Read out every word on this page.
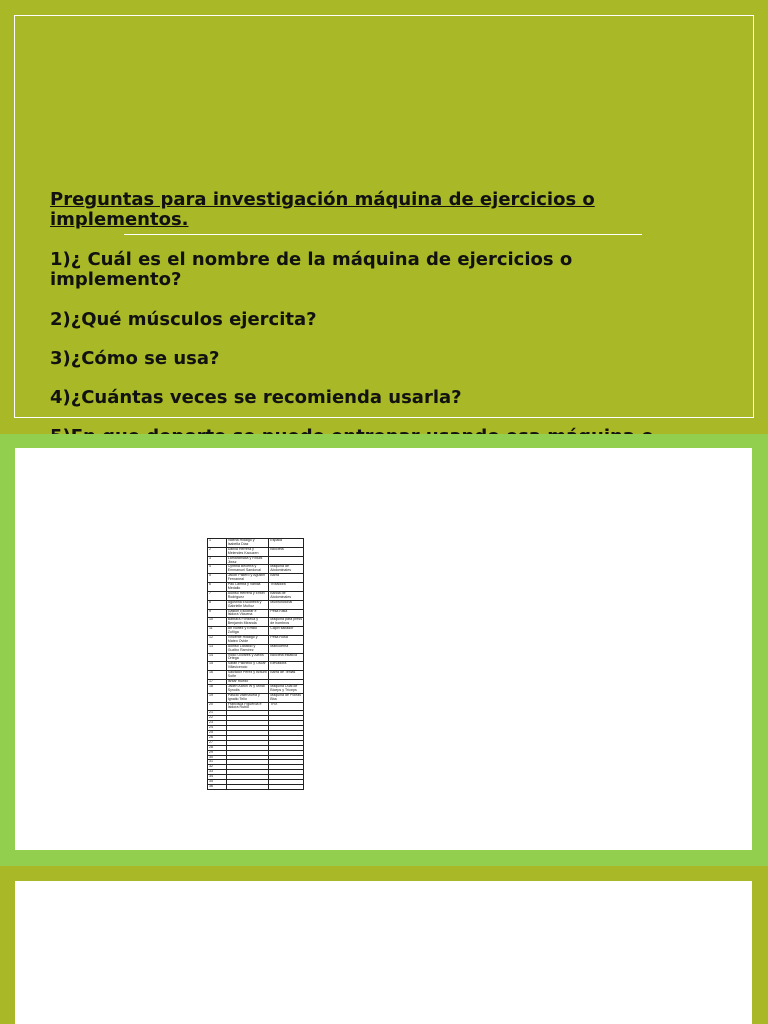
Preguntas para investigación máquina de ejercicios o implementos.
1)¿ Cuál es el nombre de la máquina de ejercicios o implemento?
2)¿Qué músculos ejercita?
3)¿Cómo se usa?
4)¿Cuántas veces se recomienda usarla?
1	Valeria Hidalgo y Isabella Díaz	Espalia
2	Dahlia Herrera y Melendes Kaouzen	Bicicleta
3	Lamarathalia y Rhiuis Jiwsz	
4	Cynthia Becerra y Emmanuel Sandoval	Máquina de Abdominales
5	Jacob Pallero y Agustin Fernaneal	Barra
6	Pau Lamba y Vanilla Medallo	Trotadora
7	Alonso Herrera y Erwin Rodriguez	Banda de Abdominales
8	Agustina Escobeira y Gabrielle Muñoz	Multifuncional
9	Gaston Escobar e Isidora Vicuena	Pesa rusia
10	Barbara Fonseca y Benjamin Miranda	Máquina para press de hombros
11	Ari Nuñez y Emilio Zuñiga	Cajón saltador
12	Vincente Hidalgo y Mateo Ovide	Pesa Rusa
13	Alonso Lobaldo y Guzlbo Ramírez	Mancuerna
14	Vicko Olivares y Alexis Ortega	Bicicleta estática
15	Sarah Pacheco y Oscar Villavicencio	Elevadora
16	Salvador Pérez y Braunt Soñe	Barra de Tenias
17	Ishtar Ruedo	
18	Jaden Aaron W y Mihai Syrodis	Máquina Dual de Bíceps y Tríceps
19	Pascal Valenzuela y Ignatio Tello	Máquina de Poleas Bba
20	Francisca Figueroa e Isidora Rubio	TRX
21		
22		
23		
24		
25		
26		
27		
28		
29		
30		
31		
32		
33		
34		
35		
36		
